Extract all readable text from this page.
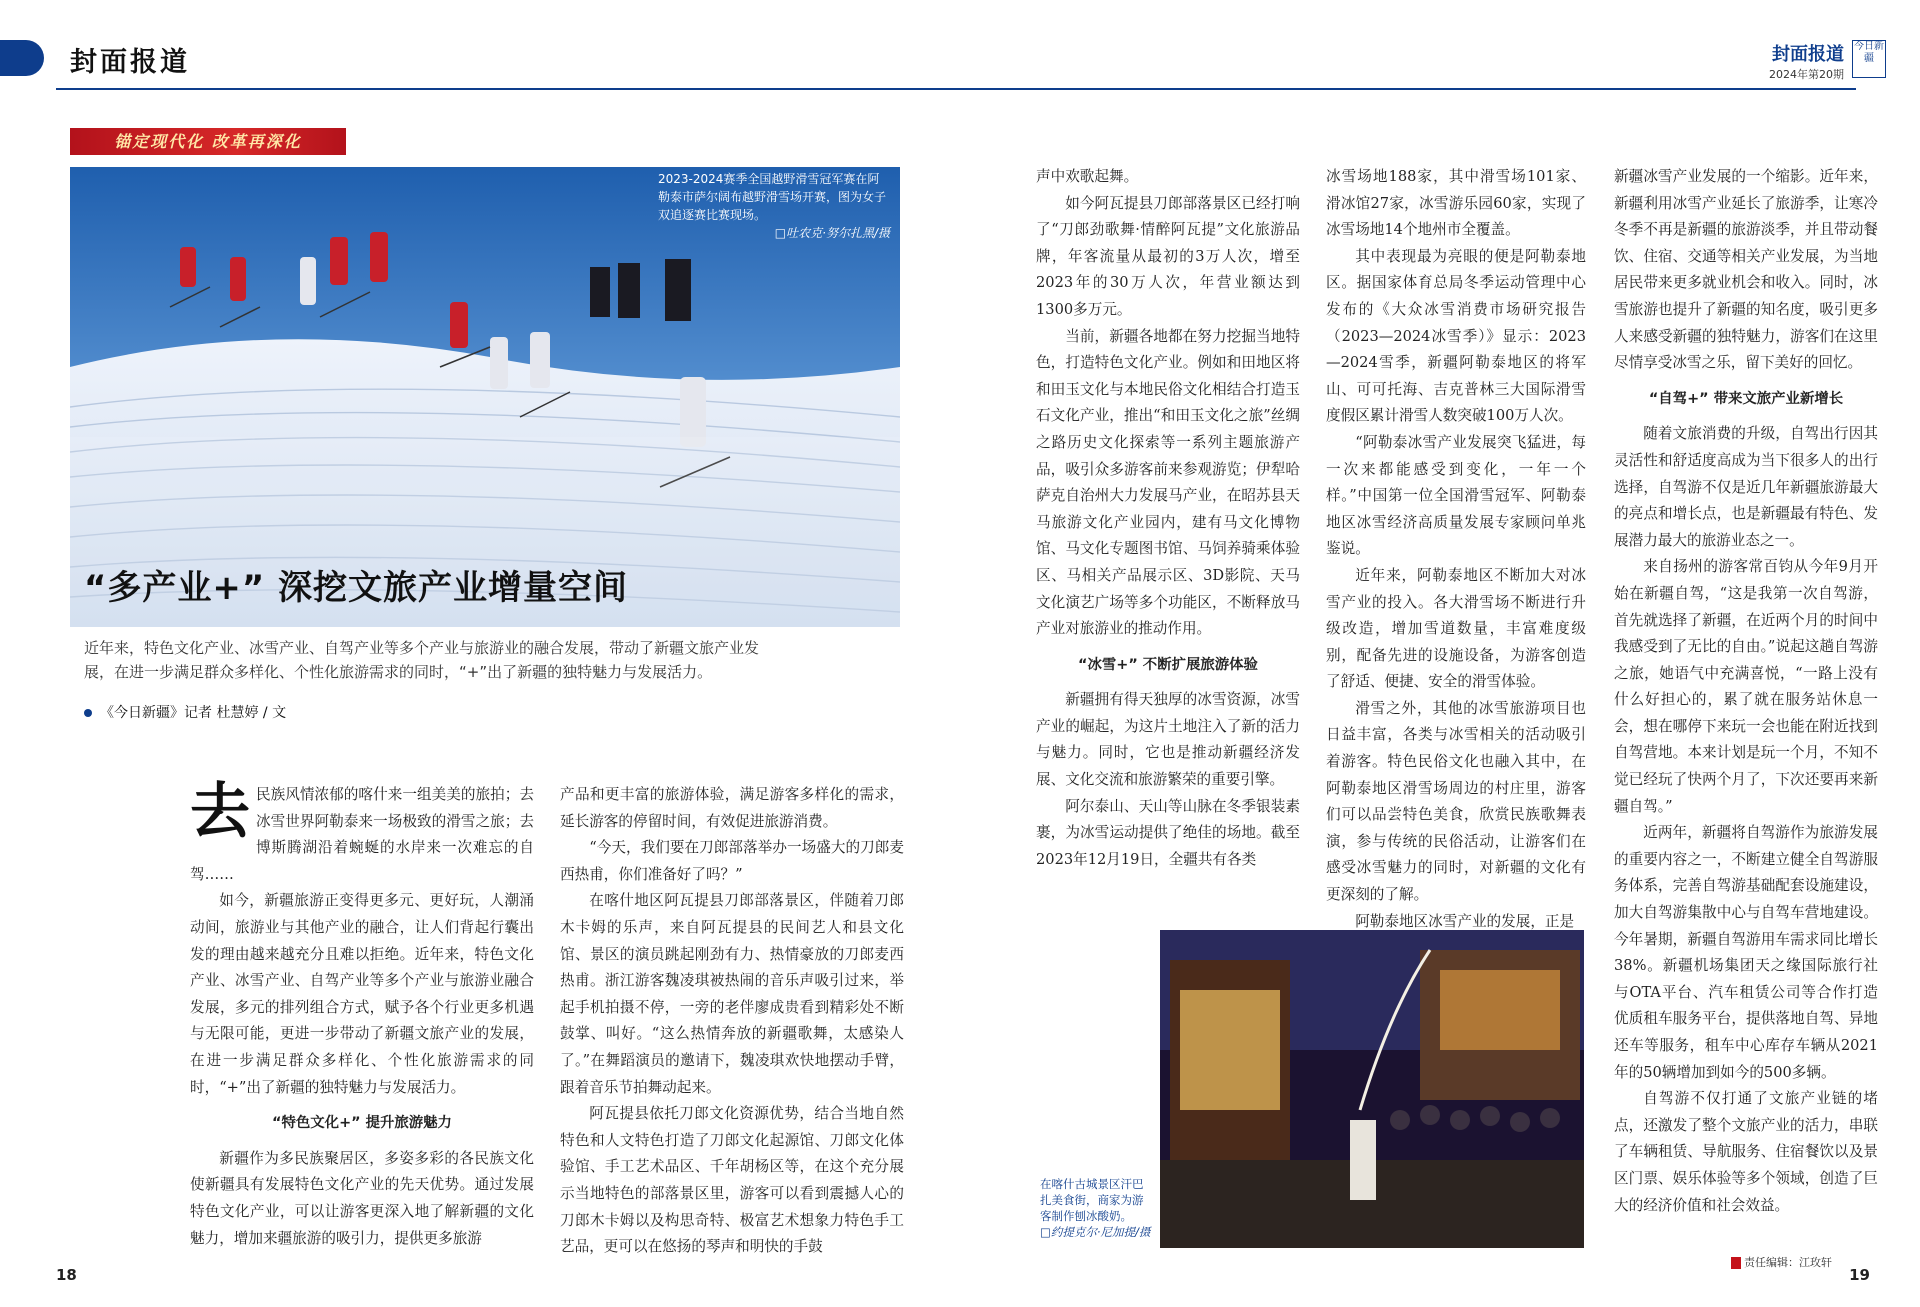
封面报道	封面报道
2024年第20期
今日新疆
锚定现代化 改革再深化
2023-2024赛季全国越野滑雪冠军赛在阿勒泰市萨尔阔布越野滑雪场开赛，图为女子双追逐赛比赛现场。
□吐农克·努尔扎黑/摄
“多产业+” 深挖文旅产业增量空间
近年来，特色文化产业、冰雪产业、自驾产业等多个产业与旅游业的融合发展，带动了新疆文旅产业发展，在进一步满足群众多样化、个性化旅游需求的同时，“+”出了新疆的独特魅力与发展活力。
《今日新疆》记者 杜慧婷 / 文

去民族风情浓郁的喀什来一组美美的旅拍；去冰雪世界阿勒泰来一场极致的滑雪之旅；去博斯腾湖沿着蜿蜒的水岸来一次难忘的自驾……

如今，新疆旅游正变得更多元、更好玩，人潮涌动间，旅游业与其他产业的融合，让人们背起行囊出发的理由越来越充分且难以拒绝。近年来，特色文化产业、冰雪产业、自驾产业等多个产业与旅游业融合发展，多元的排列组合方式，赋予各个行业更多机遇与无限可能，更进一步带动了新疆文旅产业的发展，在进一步满足群众多样化、个性化旅游需求的同时，“+”出了新疆的独特魅力与发展活力。

“特色文化+” 提升旅游魅力

新疆作为多民族聚居区，多姿多彩的各民族文化使新疆具有发展特色文化产业的先天优势。通过发展特色文化产业，可以让游客更深入地了解新疆的文化魅力，增加来疆旅游的吸引力，提供更多旅游

产品和更丰富的旅游体验，满足游客多样化的需求，延长游客的停留时间，有效促进旅游消费。

“今天，我们要在刀郎部落举办一场盛大的刀郎麦西热甫，你们准备好了吗？”

在喀什地区阿瓦提县刀郎部落景区，伴随着刀郎木卡姆的乐声，来自阿瓦提县的民间艺人和县文化馆、景区的演员跳起刚劲有力、热情豪放的刀郎麦西热甫。浙江游客魏凌琪被热闹的音乐声吸引过来，举起手机拍摄不停，一旁的老伴廖成贵看到精彩处不断鼓掌、叫好。“这么热情奔放的新疆歌舞，太感染人了。”在舞蹈演员的邀请下，魏凌琪欢快地摆动手臂，跟着音乐节拍舞动起来。

阿瓦提县依托刀郎文化资源优势，结合当地自然特色和人文特色打造了刀郎文化起源馆、刀郎文化体验馆、手工艺术品区、千年胡杨区等，在这个充分展示当地特色的部落景区里，游客可以看到震撼人心的刀郎木卡姆以及构思奇特、极富艺术想象力特色手工艺品，更可以在悠扬的琴声和明快的手鼓

声中欢歌起舞。

如今阿瓦提县刀郎部落景区已经打响了“刀郎劲歌舞·情醉阿瓦提”文化旅游品牌，年客流量从最初的3万人次，增至2023年的30万人次，年营业额达到1300多万元。

当前，新疆各地都在努力挖掘当地特色，打造特色文化产业。例如和田地区将和田玉文化与本地民俗文化相结合打造玉石文化产业，推出“和田玉文化之旅”丝绸之路历史文化探索等一系列主题旅游产品，吸引众多游客前来参观游览；伊犁哈萨克自治州大力发展马产业，在昭苏县天马旅游文化产业园内，建有马文化博物馆、马文化专题图书馆、马饲养骑乘体验区、马相关产品展示区、3D影院、天马文化演艺广场等多个功能区，不断释放马产业对旅游业的推动作用。

“冰雪+” 不断扩展旅游体验

新疆拥有得天独厚的冰雪资源，冰雪产业的崛起，为这片土地注入了新的活力与魅力。同时，它也是推动新疆经济发展、文化交流和旅游繁荣的重要引擎。

阿尔泰山、天山等山脉在冬季银装素裹，为冰雪运动提供了绝佳的场地。截至2023年12月19日，全疆共有各类

冰雪场地188家，其中滑雪场101家、滑冰馆27家，冰雪游乐园60家，实现了冰雪场地14个地州市全覆盖。

其中表现最为亮眼的便是阿勒泰地区。据国家体育总局冬季运动管理中心发布的《大众冰雪消费市场研究报告（2023—2024冰雪季）》显示：2023—2024雪季，新疆阿勒泰地区的将军山、可可托海、吉克普林三大国际滑雪度假区累计滑雪人数突破100万人次。

“阿勒泰冰雪产业发展突飞猛进，每一次来都能感受到变化，一年一个样。”中国第一位全国滑雪冠军、阿勒泰地区冰雪经济高质量发展专家顾问单兆鉴说。

近年来，阿勒泰地区不断加大对冰雪产业的投入。各大滑雪场不断进行升级改造，增加雪道数量，丰富难度级别，配备先进的设施设备，为游客创造了舒适、便捷、安全的滑雪体验。

滑雪之外，其他的冰雪旅游项目也日益丰富，各类与冰雪相关的活动吸引着游客。特色民俗文化也融入其中，在阿勒泰地区滑雪场周边的村庄里，游客们可以品尝特色美食，欣赏民族歌舞表演，参与传统的民俗活动，让游客们在感受冰雪魅力的同时，对新疆的文化有更深刻的了解。

阿勒泰地区冰雪产业的发展，正是

新疆冰雪产业发展的一个缩影。近年来，新疆利用冰雪产业延长了旅游季，让寒冷冬季不再是新疆的旅游淡季，并且带动餐饮、住宿、交通等相关产业发展，为当地居民带来更多就业机会和收入。同时，冰雪旅游也提升了新疆的知名度，吸引更多人来感受新疆的独特魅力，游客们在这里尽情享受冰雪之乐，留下美好的回忆。

“自驾+” 带来文旅产业新增长

随着文旅消费的升级，自驾出行因其灵活性和舒适度高成为当下很多人的出行选择，自驾游不仅是近几年新疆旅游最大的亮点和增长点，也是新疆最有特色、发展潜力最大的旅游业态之一。

来自扬州的游客常百钧从今年9月开始在新疆自驾，“这是我第一次自驾游，首先就选择了新疆，在近两个月的时间中我感受到了无比的自由。”说起这趟自驾游之旅，她语气中充满喜悦，“一路上没有什么好担心的，累了就在服务站休息一会，想在哪停下来玩一会也能在附近找到自驾营地。本来计划是玩一个月，不知不觉已经玩了快两个月了，下次还要再来新疆自驾。”

近两年，新疆将自驾游作为旅游发展的重要内容之一，不断建立健全自驾游服务体系，完善自驾游基础配套设施建设，加大自驾游集散中心与自驾车营地建设。今年暑期，新疆自驾游用车需求同比增长38%。新疆机场集团天之缘国际旅行社与OTA平台、汽车租赁公司等合作打造优质租车服务平台，提供落地自驾、异地还车等服务，租车中心库存车辆从2021年的50辆增加到如今的500多辆。

自驾游不仅打通了文旅产业链的堵点，还激发了整个文旅产业的活力，串联了车辆租赁、导航服务、住宿餐饮以及景区门票、娱乐体验等多个领域，创造了巨大的经济价值和社会效益。

在喀什古城景区汗巴扎美食街，商家为游客制作刨冰酸奶。
□约提克尔·尼加提/摄
责任编辑：江玫轩
18	19
